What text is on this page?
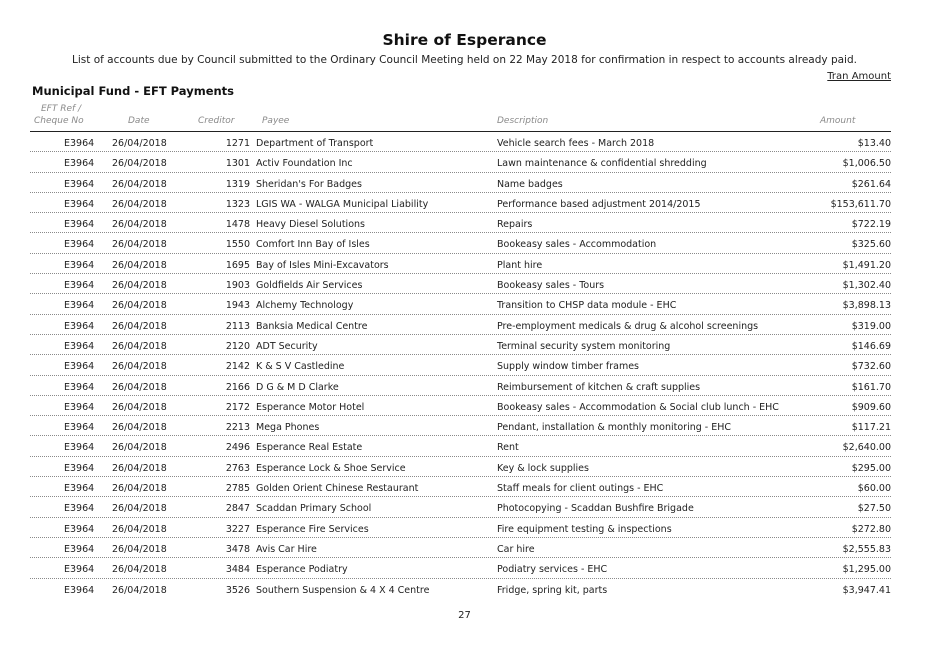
Shire of Esperance
List of accounts due by Council submitted to the Ordinary Council Meeting held on 22 May 2018 for confirmation in respect to accounts already paid.
Tran Amount
Municipal Fund - EFT Payments
EFT Ref /
Cheque No	Date	Creditor	Payee	Description	Amount
E3964 26/04/2018	1271 Department of Transport	Vehicle search fees - March 2018	$13.40
E3964 26/04/2018	1301 Activ Foundation Inc	Lawn maintenance & confidential shredding	$1,006.50
E3964 26/04/2018	1319 Sheridan's For Badges	Name badges	$261.64
E3964 26/04/2018	1323 LGIS WA - WALGA Municipal Liability	Performance based adjustment 2014/2015	$153,611.70
E3964 26/04/2018	1478 Heavy Diesel Solutions	Repairs	$722.19
E3964 26/04/2018	1550 Comfort Inn Bay of Isles	Bookeasy sales - Accommodation	$325.60
E3964 26/04/2018	1695 Bay of Isles Mini-Excavators	Plant hire	$1,491.20
E3964 26/04/2018	1903 Goldfields Air Services	Bookeasy sales - Tours	$1,302.40
E3964 26/04/2018	1943 Alchemy Technology	Transition to CHSP data module - EHC	$3,898.13
E3964 26/04/2018	2113 Banksia Medical Centre	Pre-employment medicals & drug & alcohol screenings	$319.00
E3964 26/04/2018	2120 ADT Security	Terminal security system monitoring	$146.69
E3964 26/04/2018	2142 K & S V Castledine	Supply window timber frames	$732.60
E3964 26/04/2018	2166 D G & M D Clarke	Reimbursement of kitchen & craft supplies	$161.70
E3964 26/04/2018	2172 Esperance Motor Hotel	Bookeasy sales - Accommodation & Social club lunch - EHC	$909.60
E3964 26/04/2018	2213 Mega Phones	Pendant, installation & monthly monitoring - EHC	$117.21
E3964 26/04/2018	2496 Esperance Real Estate	Rent	$2,640.00
E3964 26/04/2018	2763 Esperance Lock & Shoe Service	Key & lock supplies	$295.00
E3964 26/04/2018	2785 Golden Orient Chinese Restaurant	Staff meals for client outings - EHC	$60.00
E3964 26/04/2018	2847 Scaddan Primary School	Photocopying - Scaddan Bushfire Brigade	$27.50
E3964 26/04/2018	3227 Esperance Fire Services	Fire equipment testing & inspections	$272.80
E3964 26/04/2018	3478 Avis Car Hire	Car hire	$2,555.83
E3964 26/04/2018	3484 Esperance Podiatry	Podiatry services - EHC	$1,295.00
E3964 26/04/2018	3526 Southern Suspension & 4 X 4 Centre	Fridge, spring kit, parts	$3,947.41
27
